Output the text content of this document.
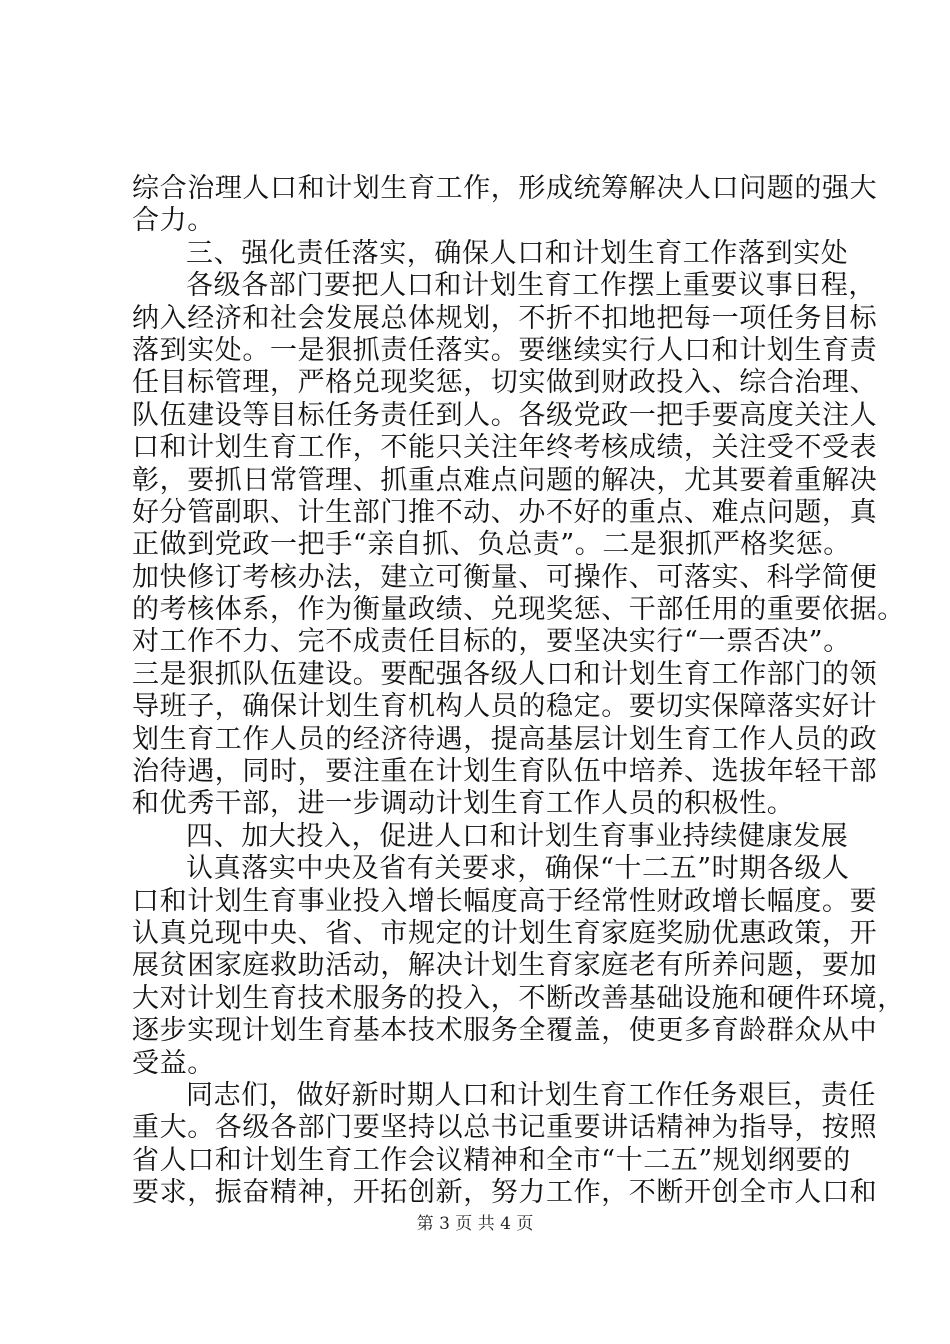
综合治理人口和计划生育工作，形成统筹解决人口问题的强大
合力。
三、强化责任落实，确保人口和计划生育工作落到实处
各级各部门要把人口和计划生育工作摆上重要议事日程，
纳入经济和社会发展总体规划，不折不扣地把每一项任务目标
落到实处。一是狠抓责任落实。要继续实行人口和计划生育责
任目标管理，严格兑现奖惩，切实做到财政投入、综合治理、
队伍建设等目标任务责任到人。各级党政一把手要高度关注人
口和计划生育工作，不能只关注年终考核成绩，关注受不受表
彰，要抓日常管理、抓重点难点问题的解决，尤其要着重解决
好分管副职、计生部门推不动、办不好的重点、难点问题，真
正做到党政一把手“亲自抓、负总责”。二是狠抓严格奖惩。
加快修订考核办法，建立可衡量、可操作、可落实、科学简便
的考核体系，作为衡量政绩、兑现奖惩、干部任用的重要依据。
对工作不力、完不成责任目标的，要坚决实行“一票否决”。
三是狠抓队伍建设。要配强各级人口和计划生育工作部门的领
导班子，确保计划生育机构人员的稳定。要切实保障落实好计
划生育工作人员的经济待遇，提高基层计划生育工作人员的政
治待遇，同时，要注重在计划生育队伍中培养、选拔年轻干部
和优秀干部，进一步调动计划生育工作人员的积极性。
四、加大投入，促进人口和计划生育事业持续健康发展
认真落实中央及省有关要求，确保“十二五”时期各级人
口和计划生育事业投入增长幅度高于经常性财政增长幅度。要
认真兑现中央、省、市规定的计划生育家庭奖励优惠政策，开
展贫困家庭救助活动，解决计划生育家庭老有所养问题，要加
大对计划生育技术服务的投入，不断改善基础设施和硬件环境，
逐步实现计划生育基本技术服务全覆盖，使更多育龄群众从中
受益。
同志们，做好新时期人口和计划生育工作任务艰巨，责任
重大。各级各部门要坚持以总书记重要讲话精神为指导，按照
省人口和计划生育工作会议精神和全市“十二五”规划纲要的
要求，振奋精神，开拓创新，努力工作，不断开创全市人口和
第 3 页 共 4 页
